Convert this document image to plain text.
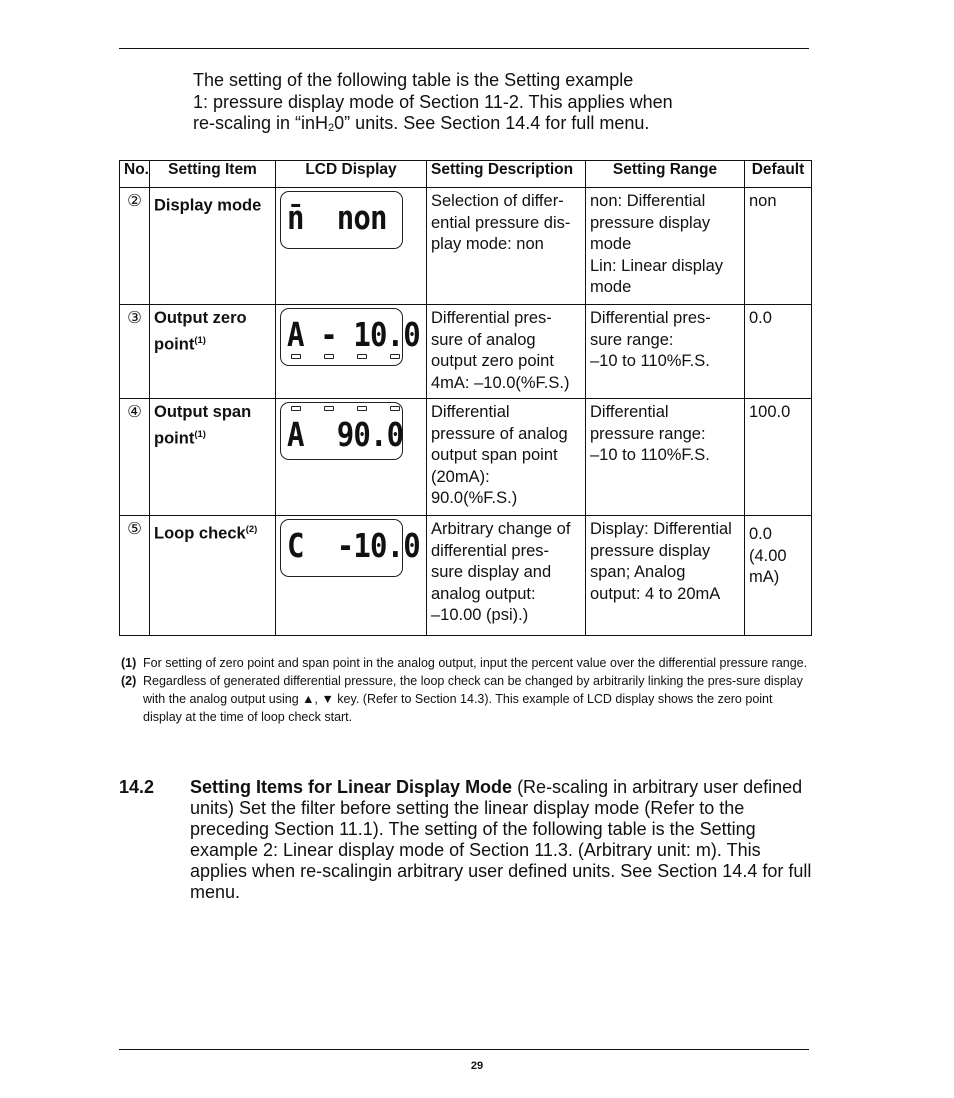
The setting of the following table is the Setting example
1: pressure display mode of Section 11-2. This applies when
re-scaling in “inH$_2$0” units. See Section 14.4 for full menu.
No.	Setting Item	LCD Display	Setting Description	Setting Range	Default
②	Display mode	n̄  non	Selection of differ-
ential pressure dis-
play mode: non	non: Differential
pressure display
mode
Lin: Linear display
mode	non
③	Output zero point$^{(1)}$	A - 10.0	Differential pres-
sure of analog
output zero point
4mA: –10.0(%F.S.)	Differential pres-
sure range:
–10 to 110%F.S.	0.0
④	Output span point$^{(1)}$	A  90.0	Differential
pressure of analog
output span point
(20mA):
90.0(%F.S.)	Differential
pressure range:
–10 to 110%F.S.	100.0
⑤	Loop check$^{(2)}$	C  -10.0	Arbitrary change of
differential pres-
sure display and
analog output:
–10.00 (psi).)	Display: Differential
pressure display
span; Analog
output: 4 to 20mA	0.0
(4.00
mA)
(1) For setting of zero point and span point in the analog output, input the percent value over the differential pressure range.
(2) Regardless of generated differential pressure, the loop check can be changed by arbitrarily linking the pres-sure display with the analog output using ▲, ▼ key. (Refer to Section 14.3). This example of LCD display shows the zero point display at the time of loop check start.
14.2 Setting Items for Linear Display Mode (Re-scaling in arbitrary user defined units) Set the filter before setting the linear display mode (Refer to the preceding Section 11.1). The setting of the following table is the Setting example 2: Linear display mode of Section 11.3. (Arbitrary unit: m). This applies when re-scalingin arbitrary user defined units. See Section 14.4 for full menu.
29
